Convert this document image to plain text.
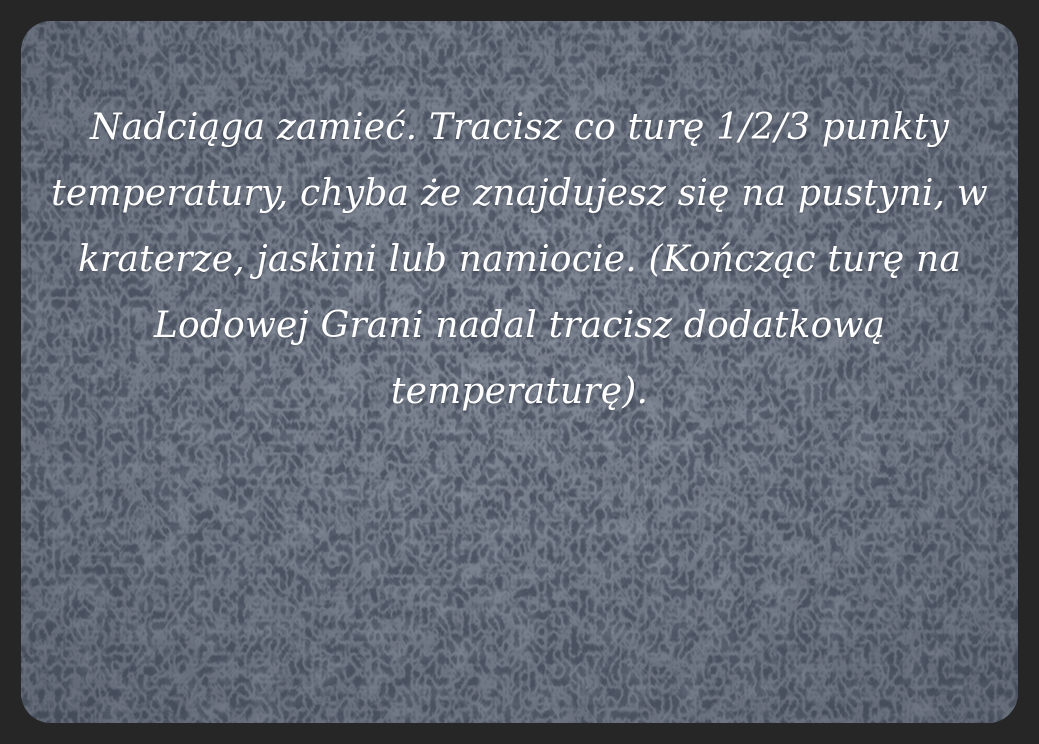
Nadciąga zamieć. Tracisz co turę 1/2/3 punkty temperatury, chyba że znajdujesz się na pustyni, w kraterze, jaskini lub namiocie. (Kończąc turę na Lodowej Grani nadal tracisz dodatkową temperaturę).
